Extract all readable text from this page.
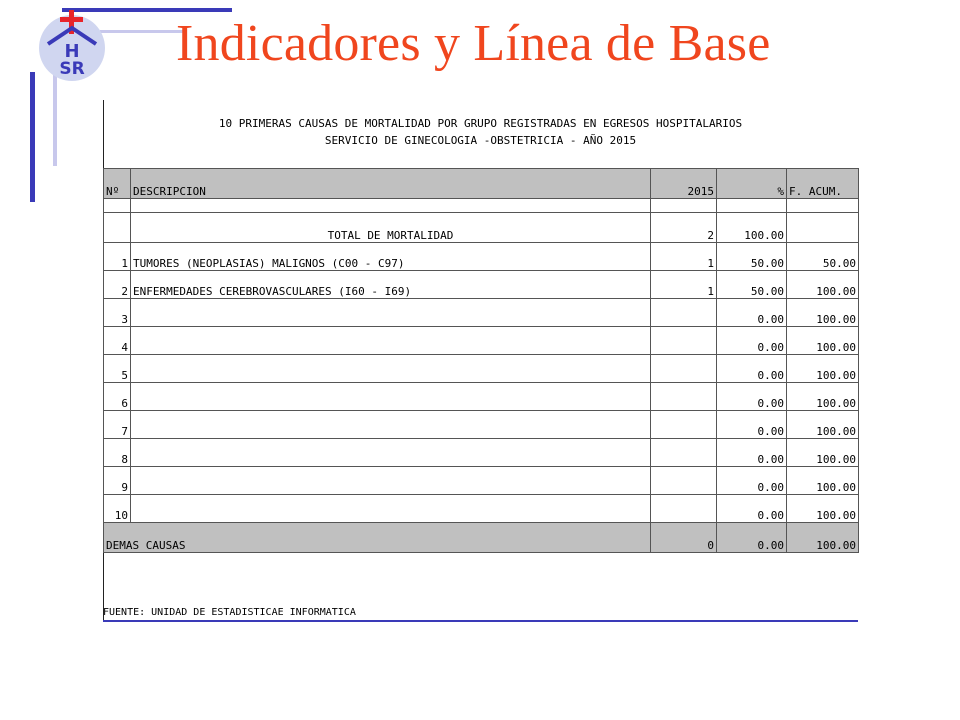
H
SR Indicadores y Línea de Base
10 PRIMERAS CAUSAS DE MORTALIDAD POR GRUPO REGISTRADAS EN EGRESOS HOSPITALARIOS
SERVICIO DE GINECOLOGIA -OBSTETRICIA - AÑO 2015
Nº	DESCRIPCION	2015	%	F. ACUM.

	TOTAL DE MORTALIDAD	2	100.00	
1	TUMORES (NEOPLASIAS) MALIGNOS (C00 - C97)	1	50.00	50.00
2	ENFERMEDADES CEREBROVASCULARES (I60 - I69)	1	50.00	100.00
3			0.00	100.00
4			0.00	100.00
5			0.00	100.00
6			0.00	100.00
7			0.00	100.00
8			0.00	100.00
9			0.00	100.00
10			0.00	100.00
DEMAS CAUSAS		0	0.00	100.00
FUENTE: UNIDAD DE ESTADISTICAE INFORMATICA
